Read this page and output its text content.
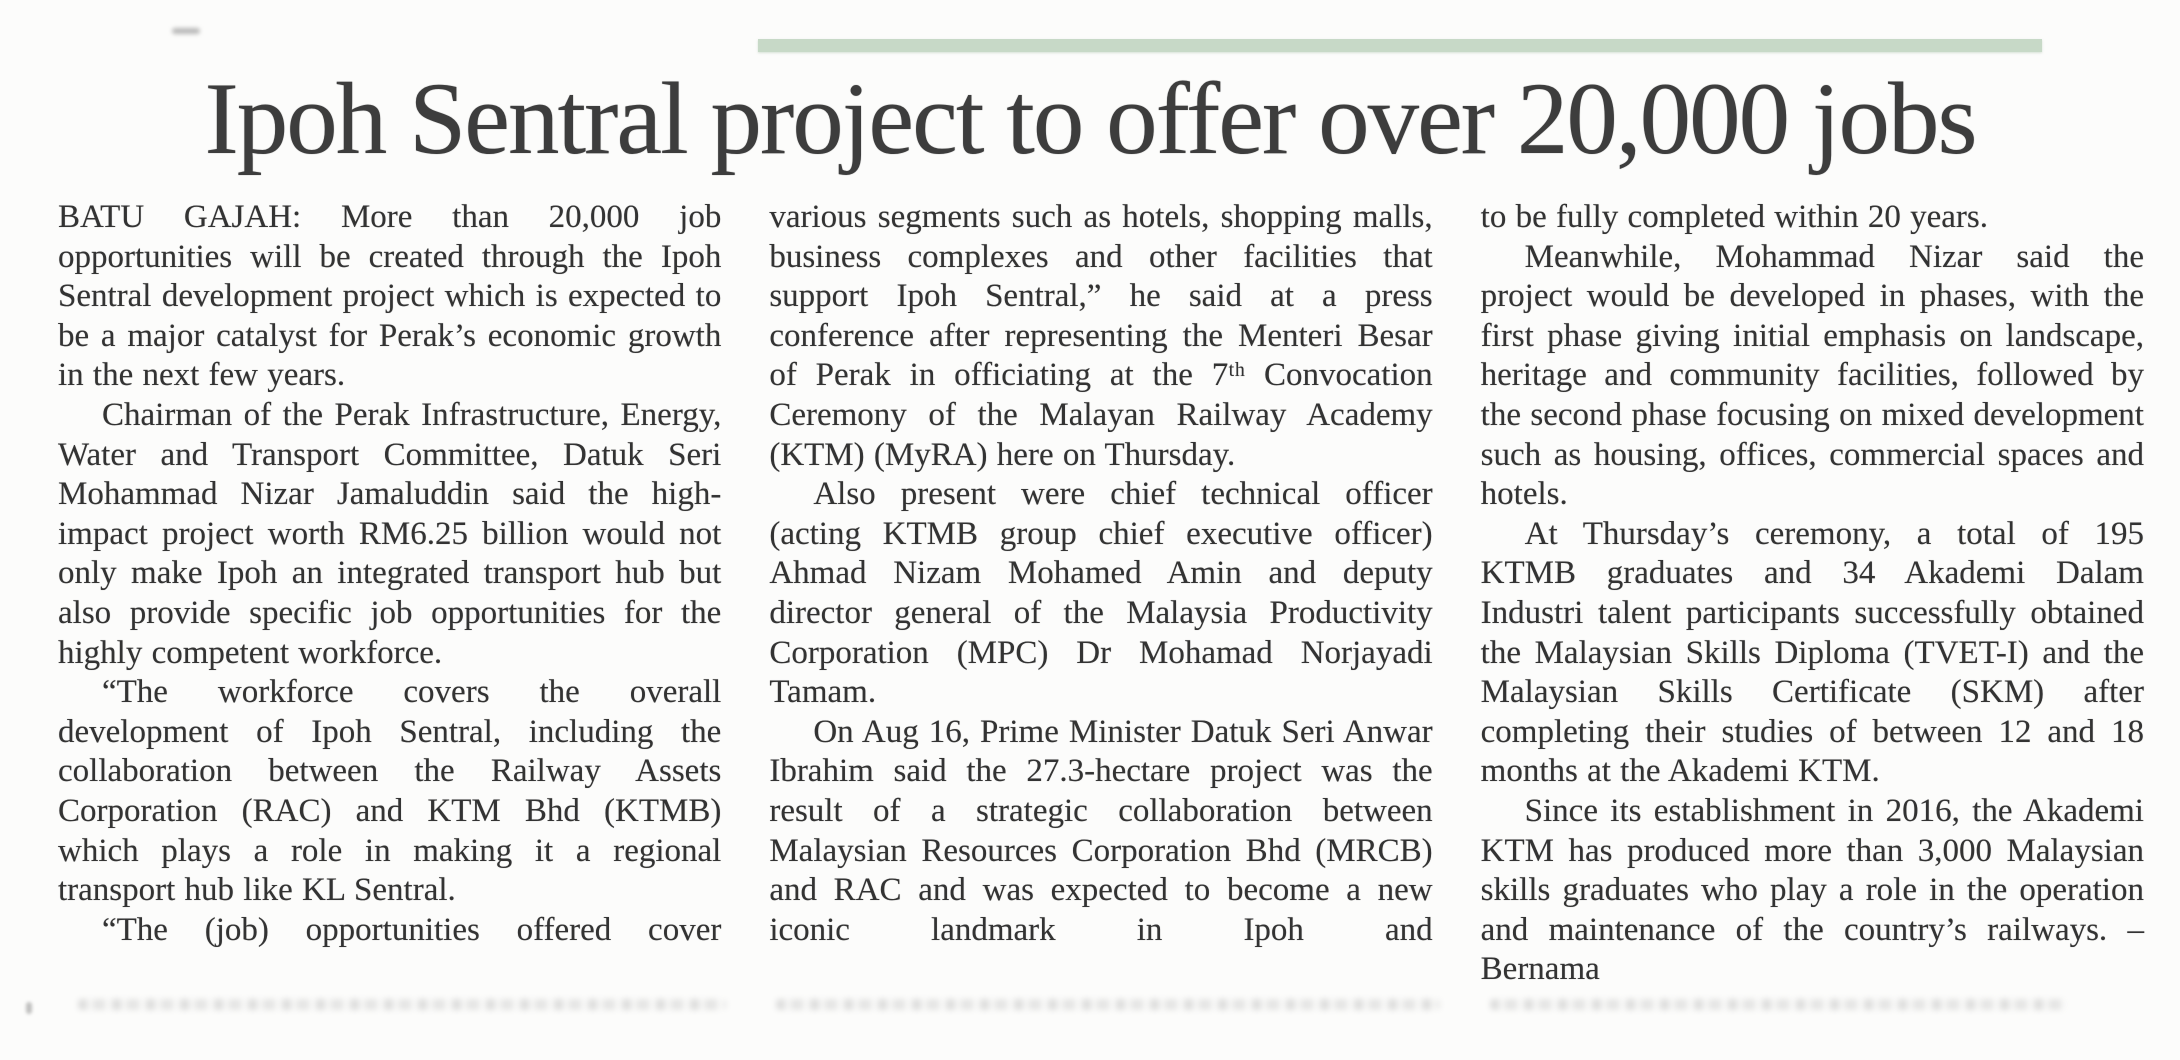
Ipoh Sentral project to offer over 20,000 jobs

BATU GAJAH: More than 20,000 job opportunities will be created through the Ipoh Sentral development project which is expected to be a major catalyst for Perak’s economic growth in the next few years.

Chairman of the Perak Infrastructure, Energy, Water and Transport Committee, Datuk Seri Mohammad Nizar Jamaluddin said the high-impact project worth RM6.25 billion would not only make Ipoh an integrated transport hub but also provide specific job opportunities for the highly competent workforce.

“The workforce covers the overall development of Ipoh Sentral, including the collaboration between the Railway Assets Corporation (RAC) and KTM Bhd (KTMB) which plays a role in making it a regional transport hub like KL Sentral.

“The (job) opportunities offered cover

various segments such as hotels, shopping malls, business complexes and other facilities that support Ipoh Sentral,” he said at a press conference after representing the Menteri Besar of Perak in officiating at the 7ᵗʰ Convocation Ceremony of the Malayan Railway Academy (KTM) (MyRA) here on Thursday.

Also present were chief technical officer (acting KTMB group chief executive officer) Ahmad Nizam Mohamed Amin and deputy director general of the Malaysia Productivity Corporation (MPC) Dr Mohamad Norjayadi Tamam.

On Aug 16, Prime Minister Datuk Seri Anwar Ibrahim said the 27.3-hectare project was the result of a strategic collaboration between Malaysian Resources Corporation Bhd (MRCB) and RAC and was expected to become a new iconic landmark in Ipoh and

to be fully completed within 20 years.

Meanwhile, Mohammad Nizar said the project would be developed in phases, with the first phase giving initial emphasis on landscape, heritage and community facilities, followed by the second phase focusing on mixed development such as housing, offices, commercial spaces and hotels.

At Thursday’s ceremony, a total of 195 KTMB graduates and 34 Akademi Dalam Industri talent participants successfully obtained the Malaysian Skills Diploma (TVET-I) and the Malaysian Skills Certificate (SKM) after completing their studies of between 12 and 18 months at the Akademi KTM.

Since its establishment in 2016, the Akademi KTM has produced more than 3,000 Malaysian skills graduates who play a role in the operation and maintenance of the country’s railways. –Bernama
